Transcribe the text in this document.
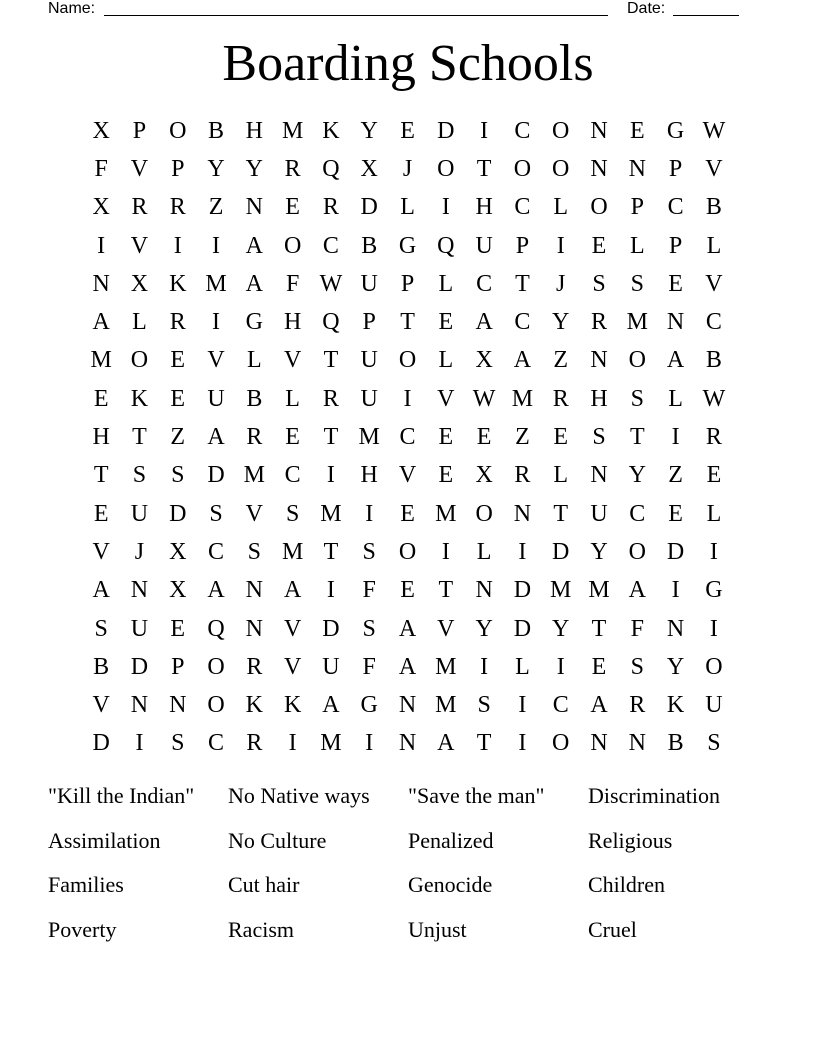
Name:	Date:
Boarding Schools
X P O B H M K Y E D	I	C O N E G W
F V P Y Y R Q X	J	O T O O N N P V
X R R Z N E R D L	I	H C L O P C B
I	V	I	I	A O C B G Q U P	I	E L	P	L
N X K M A F W U P	L C T	J	S	S	E V
A L R	I	G H Q P	T E A C Y R M N C
M O E V L V T U O L X A Z N O A B
E K E U B L R U	I	V W M R H S	L W
H T Z A R E T M C E E Z E	S	T	I	R
T	S	S D M C	I	H V E X R L N Y Z E
E U D S V S M I	E M O N T U C E L
V	J	X C S M T	S O	I	L	I	D Y O D	I
A N X A N A	I	F	E T N D M M A	I	G
S U E Q N V D S A V Y D Y T	F N	I
B D P O R V U F A M I	L	I	E	S Y O
V N N O K K A G N M S	I	C A R K U
D	I	S C R	I M I	N A T	I	O N N B S
"Kill the Indian"	No Native ways	"Save the man"	Discrimination
Assimilation	No Culture	Penalized	Religious
Families	Cut hair	Genocide	Children
Poverty	Racism	Unjust	Cruel
